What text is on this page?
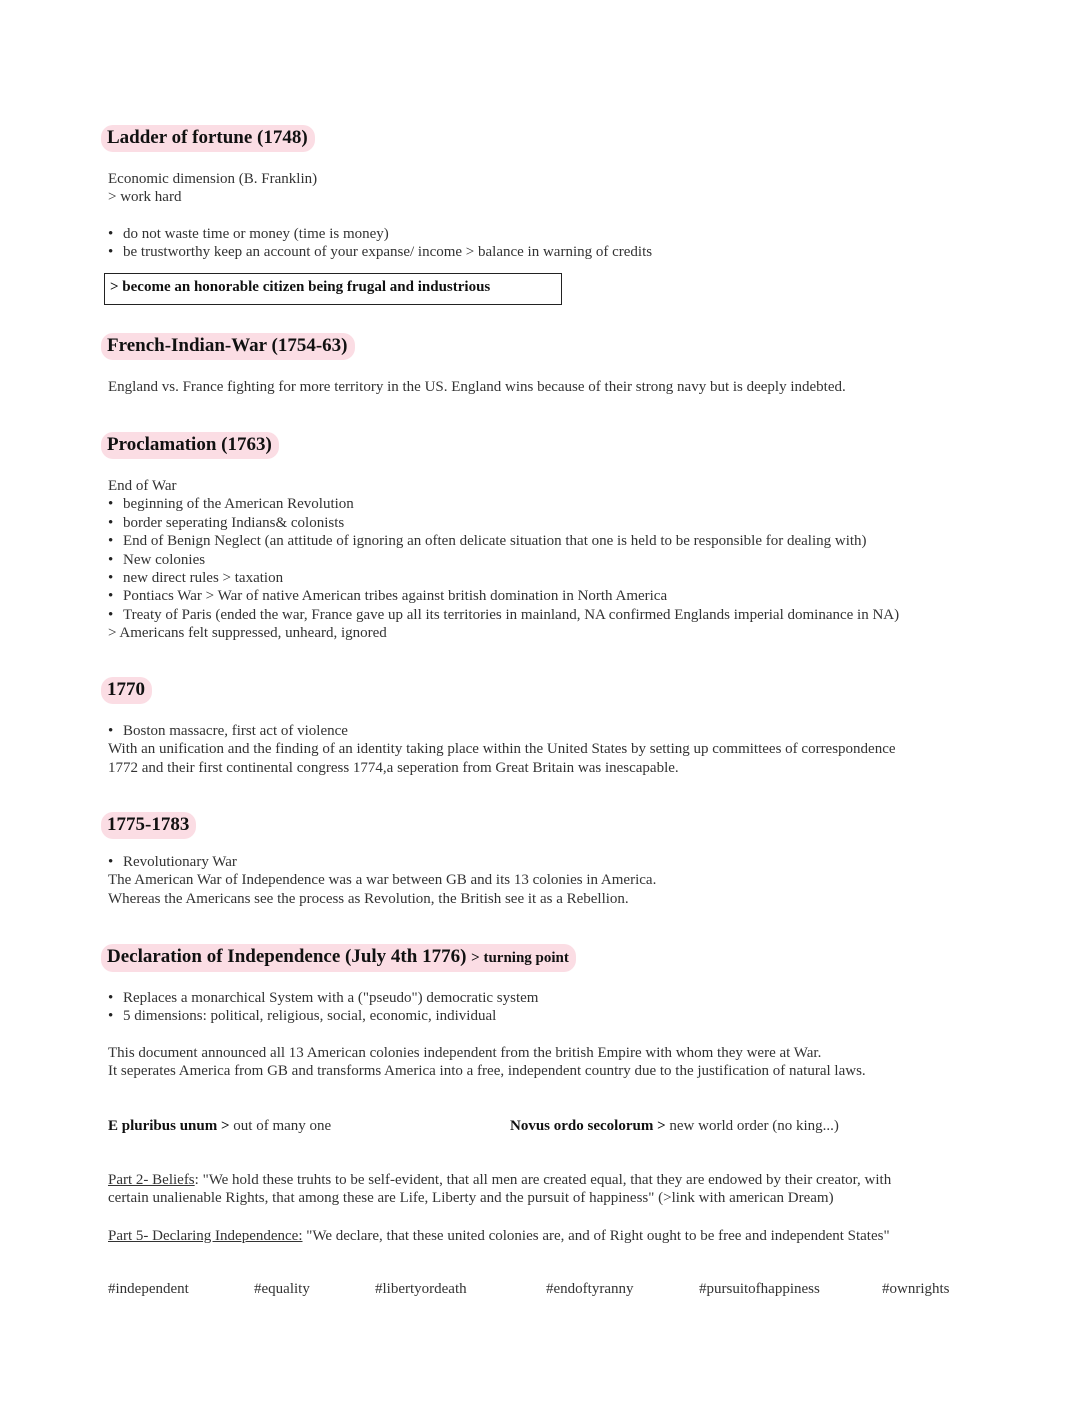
Ladder of fortune (1748)

Economic dimension (B. Franklin)

> work hard

• do not waste time or money (time is money)
• be trustworthy keep an account of your expanse/ income > balance in warning of credits
> become an honorable citizen being frugal and industrious
French-Indian-War (1754-63)

England vs. France fighting for more territory in the US. England wins because of their strong navy but is deeply indebted.

Proclamation (1763)

End of War

• beginning of the American Revolution
• border seperating Indians& colonists
• End of Benign Neglect (an attitude of ignoring an often delicate situation that one is held to be responsible for dealing with)
• New colonies
• new direct rules > taxation
• Pontiacs War > War of native American tribes against british domination in North America
• Treaty of Paris (ended the war, France gave up all its territories in mainland, NA confirmed Englands imperial dominance in NA)

> Americans felt suppressed, unheard, ignored

1770
• Boston massacre, first act of violence

With an unification and the finding of an identity taking place within the United States by setting up committees of correspondence

1772 and their first continental congress 1774,a seperation from Great Britain was inescapable.

1775-1783
• Revolutionary War

The American War of Independence was a war between GB and its 13 colonies in America.

Whereas the Americans see the process as Revolution, the British see it as a Rebellion.

Declaration of Independence (July 4th 1776) > turning point
• Replaces a monarchical System with a ("pseudo") democratic system
• 5 dimensions: political, religious, social, economic, individual

This document announced all 13 American colonies independent from the british Empire with whom they were at War.

It seperates America from GB and transforms America into a free, independent country due to the justification of natural laws.

E pluribus unum > out of many one	Novus ordo secolorum > new world order (no king...)

Part 2- Beliefs: "We hold these truhts to be self-evident, that all men are created equal, that they are endowed by their creator, with

certain unalienable Rights, that among these are Life, Liberty and the pursuit of happiness" (>link with american Dream)

Part 5- Declaring Independence: "We declare, that these united colonies are, and of Right ought to be free and independent States"

#independent	#equality	#libertyordeath	#endoftyranny	#pursuitofhappiness	#ownrights
